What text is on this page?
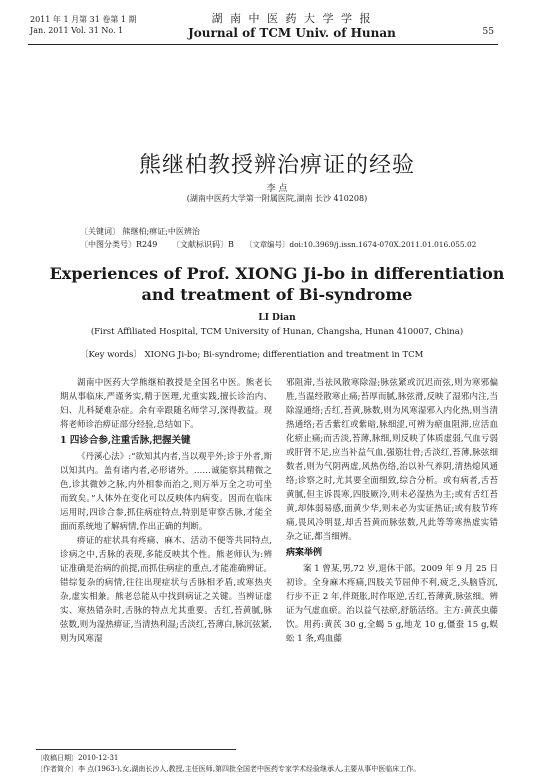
2011 年 1 月第 31 卷第 1 期
Jan. 2011 Vol. 31 No. 1
湖 南 中 医 药 大 学 学 报
Journal of TCM Univ. of Hunan	55
熊继柏教授辨治痹证的经验
李 点
(湖南中医药大学第一附属医院,湖南 长沙 410208)
〔关键词〕 熊继柏;痹证;中医辨治
〔中图分类号〕R249 〔文献标识码〕B 〔文章编号〕doi:10.3969/j.issn.1674-070X.2011.01.016.055.02
Experiences of Prof. XIONG Ji-bo in differentiation
and treatment of Bi-syndrome
LI Dian
(First Affiliated Hospital, TCM University of Hunan, Changsha, Hunan 410007, China)
〔Key words〕 XIONG Ji-bo; Bi-syndrome; differentiation and treatment in TCM

湖南中医药大学熊继柏教授是全国名中医。熊老长期从事临床,严谨务实,精于医理,尤重实践,擅长诊治内、妇、儿科疑难杂症。余有幸跟随名师学习,深得教益。现将老师诊治痹证部分经验,总结如下。

1 四诊合参,注重舌脉,把握关键

《丹溪心法》:“欲知其内者,当以观乎外;诊于外者,斯以知其内。盖有诸内者,必形诸外。……诚能察其精微之色,诊其微妙之脉,内外相参而治之,则万举万全之功可坐而致矣。”人体外在变化可以反映体内病变。因而在临床运用时,四诊合参,抓住病症特点,特别是审察舌脉,才能全面而系统地了解病情,作出正确的判断。

痹证的症状具有疼痛、麻木、活动不便等共同特点,诊病之中,舌脉的表现,多能反映其个性。熊老师认为:辨证准确是治病的前提,而抓住病症的重点,才能准确辨证。错综复杂的病情,往往出现症状与舌脉相矛盾,或寒热夹杂,虚实相兼。熊老总能从中找到病证之关键。当辨证虚实、寒热错杂时,舌脉的特点尤其重要。舌红,苔黄腻,脉弦数,则为湿热痹证,当清热利湿;舌淡红,苔薄白,脉沉弦紧,则为风寒湿

邪阻滞,当祛风散寒除湿;脉弦紧或沉迟而弦,则为寒邪偏胜,当温经散寒止痛;苔厚而腻,脉弦滑,反映了湿邪内注,当除湿通络;舌红,苔黄,脉数,则为风寒湿邪入内化热,则当清热通络;若舌紫红或紫暗,脉细涩,可辨为瘀血阻滞,应活血化瘀止痛;而舌淡,苔薄,脉细,则反映了体质虚弱,气血亏弱或肝肾不足,应当补益气血,强筋壮骨;舌淡红,苔薄,脉弦细数者,则为气阴两虚,风热伤络,治以补气养阴,清热熄风通络;诊察之时,尤其要全面细致,综合分析。或有病者,舌苔黄腻,但主诉畏寒,四肢厥冷,则未必湿热为主;或有舌红苔黄,却体弱易感,面黄少华,则未必为实证热证;或有肢节疼痛,畏风冷明显,却舌苔黄而脉弦数,凡此等等寒热虚实错杂之证,都当细辨。

病案举例

案 1 曾某,男,72 岁,退休干部。2009 年 9 月 25 日初诊。全身麻木疼痛,四肢关节屈伸不利,疲乏,头脑昏沉,行步不正 2 年,伴斑胀,时作呕逆,舌红,苔薄黄,脉弦细。辨证为气虚血瘀。治以益气祛瘀,舒筋活络。主方:黄芪虫藤饮。用药:黄芪 30 g,全蝎 5 g,地龙 10 g,僵蚕 15 g,蜈蚣 1 条,鸡血藤

〔收稿日期〕2010-12-31
〔作者简介〕李 点(1963-),女,湖南长沙人,教授,主任医师,第四批全国老中医药专家学术经验继承人,主要从事中医临床工作。
